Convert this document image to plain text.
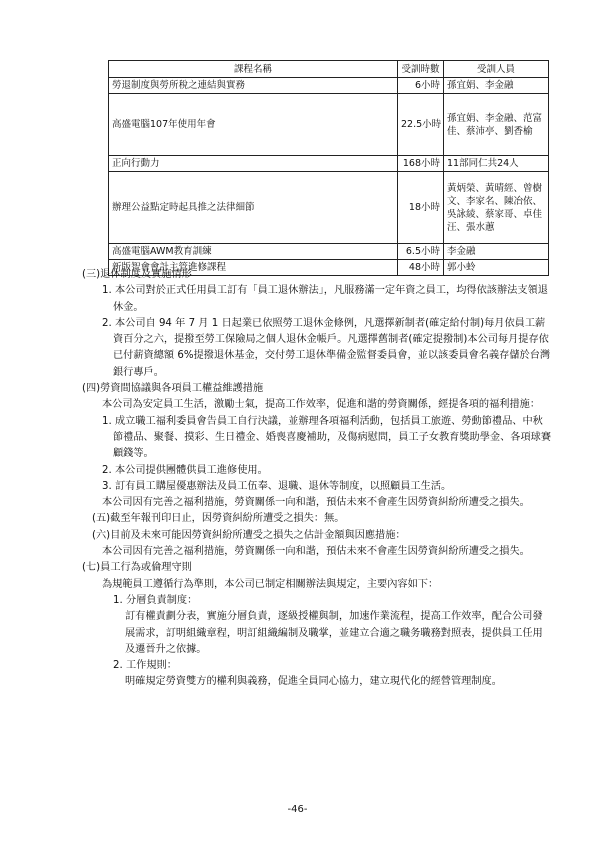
課程名稱	受訓時數	受訓人員
勞退制度與勞所稅之連結與實務	6小時	孫宜娟、李金融
高盛電腦107年使用年會	22.5小時	孫宜娟、李金融、范富佳、蔡沛亭、劉香榆
正向行動力	168小時	11部同仁共24人
辦理公益點定時起具推之法律細節	18小時	黃炳榮、黃晴經、曾樹文、李家名、陳冶依、吳詠綾、蔡家哥、卓佳汪、張水蕙
高盛電腦AWM教育訓練	6.5小時	李金融
新版智會會計主管進修課程	48小時	郭小蛉

(三)退休制度及實施情形

1. 本公司對於正式任用員工訂有「員工退休辦法」，凡服務滿一定年資之員工，均得依該辦法支領退休金。

2. 本公司自 94 年 7 月 1 日起業已依照勞工退休金條例，凡選擇新制者(確定給付制)每月依員工薪資百分之六，提撥至勞工保險局之個人退休金帳戶。凡選擇舊制者(確定提撥制)本公司每月提存依已付薪資總額 6%提撥退休基金，交付勞工退休準備金監督委員會，並以該委員會名義存儲於台灣銀行專戶。

(四)勞資間協議與各項員工權益維護措施

本公司為安定員工生活，激勵士氣，提高工作效率，促進和諧的勞資關係，經提各項的福利措施：

1. 成立職工福利委員會告員工自行決議，並辦理各項福利活動，包括員工旅遊、勞動節禮品、中秋節禮品、聚餐、摸彩、生日禮金、婚喪喜慶補助，及傷病慰問，員工子女教育獎助學金、各項球賽顧錢等。

2. 本公司提供團體供員工進修使用。

3. 訂有員工購屋優惠辦法及員工伍奉、退職、退休等制度，以照顧員工生活。

本公司因有完善之福利措施，勞資關係一向和諧，預估未來不會產生因勞資糾紛所遭受之損失。

(五)截至年報刊印日止，因勞資糾紛所遭受之損失：無。

(六)目前及未來可能因勞資糾紛所遭受之損失之估計金額與因應措施：

本公司因有完善之福利措施，勞資關係一向和諧，預估未來不會產生因勞資糾紛所遭受之損失。

(七)員工行為或倫理守則

為規範員工遵循行為準則，本公司已制定相關辦法與規定，主要內容如下：

1. 分層負責制度：

訂有權責劃分表，實施分層負責，逐級授權與制，加速作業流程，提高工作效率，配合公司發展需求，訂明組織章程，明訂組織編制及職掌，並建立合適之職务職務對照表，提供員工任用及遷晉升之依據。

2. 工作規則：

明確規定勞資雙方的權利與義務，促進全員同心協力，建立現代化的經營管理制度。

-46-
